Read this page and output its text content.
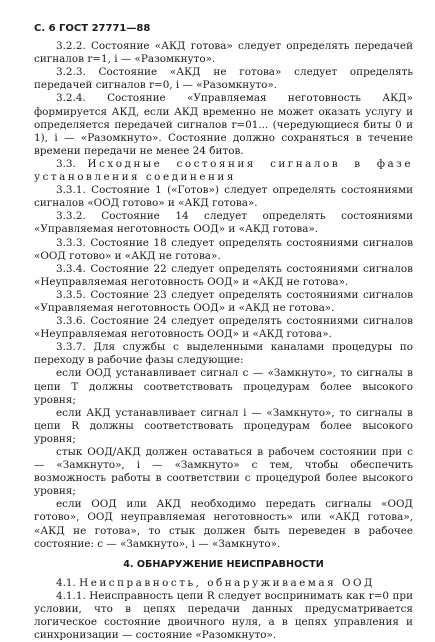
С. 6 ГОСТ 27771—88

3.2.2. Состояние «АКД готова» следует определять передачей сигналов r=1, i — «Разомкнуто».

3.2.3. Состояние «АКД не готова» следует определять передачей сигналов r=0, i — «Разомкнуто».

3.2.4. Состояние «Управляемая неготовность АКД» формируется АКД, если АКД временно не может оказать услугу и определяется передачей сигналов r=01... (чередующиеся биты 0 и 1), i — «Разомкнуто». Состояние должно сохраняться в течение времени передачи не менее 24 битов.

3.3. Исходные состояния сигналов в фазе установления соединения

3.3.1. Состояние 1 («Готов») следует определять состояниями сигналов «ООД готово» и «АКД готова».

3.3.2. Состояние 14 следует определять состояниями «Управляемая неготовность ООД» и «АКД готова».

3.3.3. Состояние 18 следует определять состояниями сигналов «ООД готово» и «АКД не готова».

3.3.4. Состояние 22 следует определять состояниями сигналов «Неуправляемая неготовность ООД» и «АКД не готова».

3.3.5. Состояние 23 следует определять состояниями сигналов «Управляемая неготовность ООД» и «АКД не готова».

3.3.6. Состояние 24 следует определять состояниями сигналов «Неуправляемая неготовность ООД» и «АКД готова».

3.3.7. Для службы с выделенными каналами процедуры по переходу в рабочие фазы следующие:

если ООД устанавливает сигнал с — «Замкнуто», то сигналы в цепи T должны соответствовать процедурам более высокого уровня;

если АКД устанавливает сигнал i — «Замкнуто», то сигналы в цепи R должны соответствовать процедурам более высокого уровня;

стык ООД/АКД должен оставаться в рабочем состоянии при с — «Замкнуто», i — «Замкнуто» с тем, чтобы обеспечить возможность работы в соответствии с процедурой более высокого уровня;

если ООД или АКД необходимо передать сигналы «ООД готово», ООД неуправляемая неготовность» или «АКД готова», «АКД не готова», то стык должен быть переведен в рабочее состояние: с — «Замкнуто», i — «Замкнуто».

4. ОБНАРУЖЕНИЕ НЕИСПРАВНОСТИ

4.1. Неисправность, обнаруживаемая ООД

4.1.1. Неисправность цепи R следует воспринимать как r=0 при условии, что в цепях передачи данных предусматривается логическое состояние двоичного нуля, а в цепях управления и синхронизации — состояние «Разомкнуто».
